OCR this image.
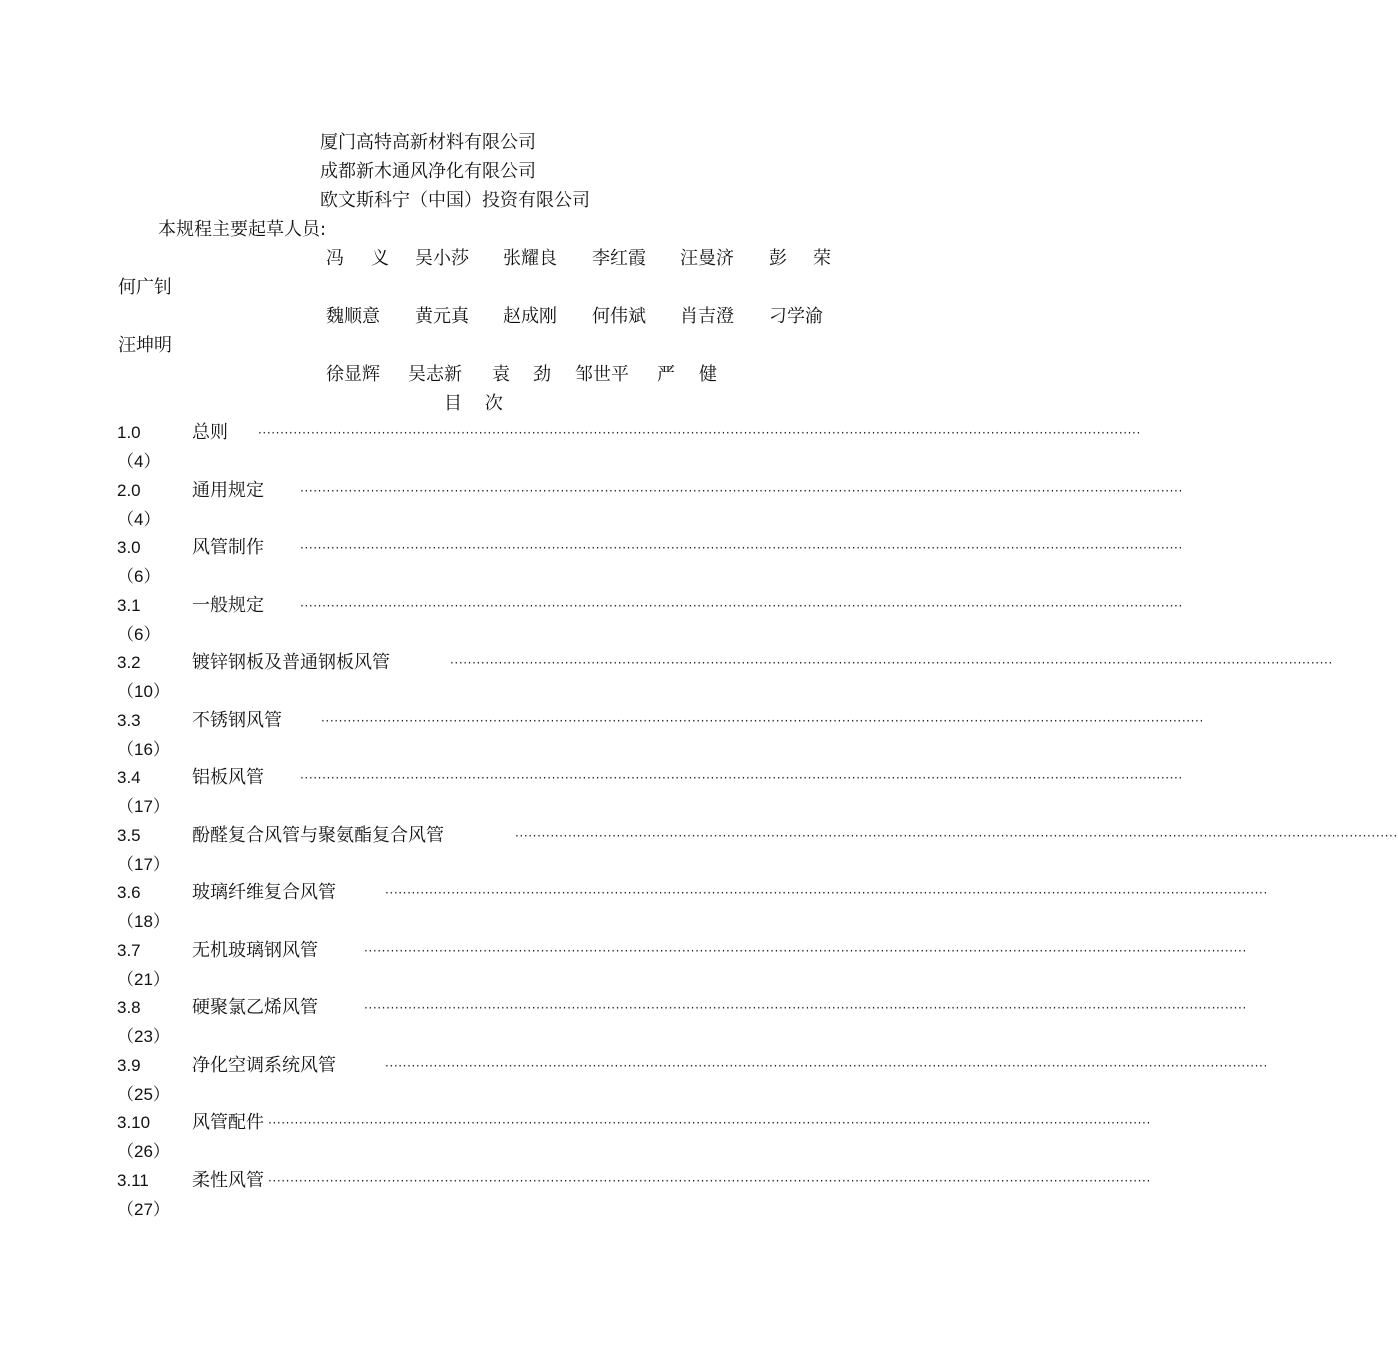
厦门高特高新材料有限公司
成都新木通风净化有限公司
欧文斯科宁（中国）投资有限公司
本规程主要起草人员:
冯 义 吴小莎 张耀良 李红霞 汪曼济 彭 荣
何广钊
魏顺意 黄元真 赵成刚 何伟斌 肖吉澄 刁学渝
汪坤明
徐显辉 吴志新 袁 劲 邹世平 严 健
目    次
1.0	总则	········································································································································································································
（4）
2.0	通用规定	········································································································································································································
（4）
3.0	风管制作	········································································································································································································
（6）
3.1	一般规定	········································································································································································································
（6）
3.2	镀锌钢板及普通钢板风管	········································································································································································································
（10）
3.3	不锈钢风管	········································································································································································································
（16）
3.4	铝板风管	········································································································································································································
（17）
3.5	酚醛复合风管与聚氨酯复合风管	········································································································································································································
（17）
3.6	玻璃纤维复合风管	········································································································································································································
（18）
3.7	无机玻璃钢风管	········································································································································································································
（21）
3.8	硬聚氯乙烯风管	········································································································································································································
（23）
3.9	净化空调系统风管	········································································································································································································
（25）
3.10 风管配件 ········································································································································································································
（26）
3.11 柔性风管 ········································································································································································································
（27）
